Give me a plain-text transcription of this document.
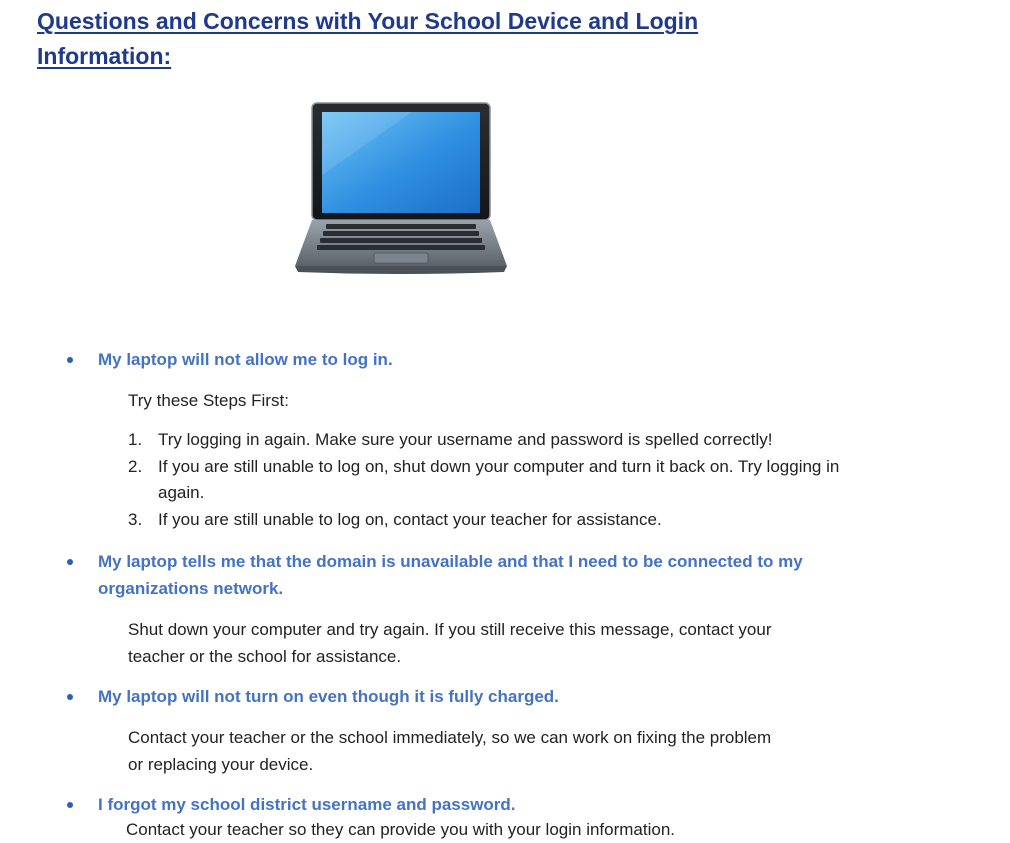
Questions and Concerns with Your School Device and Login Information:

My laptop will not allow me to log in.

Try these Steps First:

1. Try logging in again. Make sure your username and password is spelled correctly!
2. If you are still unable to log on, shut down your computer and turn it back on. Try logging in again.
3. If you are still unable to log on, contact your teacher for assistance.

My laptop tells me that the domain is unavailable and that I need to be connected to my organizations network.

Shut down your computer and try again. If you still receive this message, contact your teacher or the school for assistance.

My laptop will not turn on even though it is fully charged.

Contact your teacher or the school immediately, so we can work on fixing the problem or replacing your device.

I forgot my school district username and password.

Contact your teacher so they can provide you with your login information.
